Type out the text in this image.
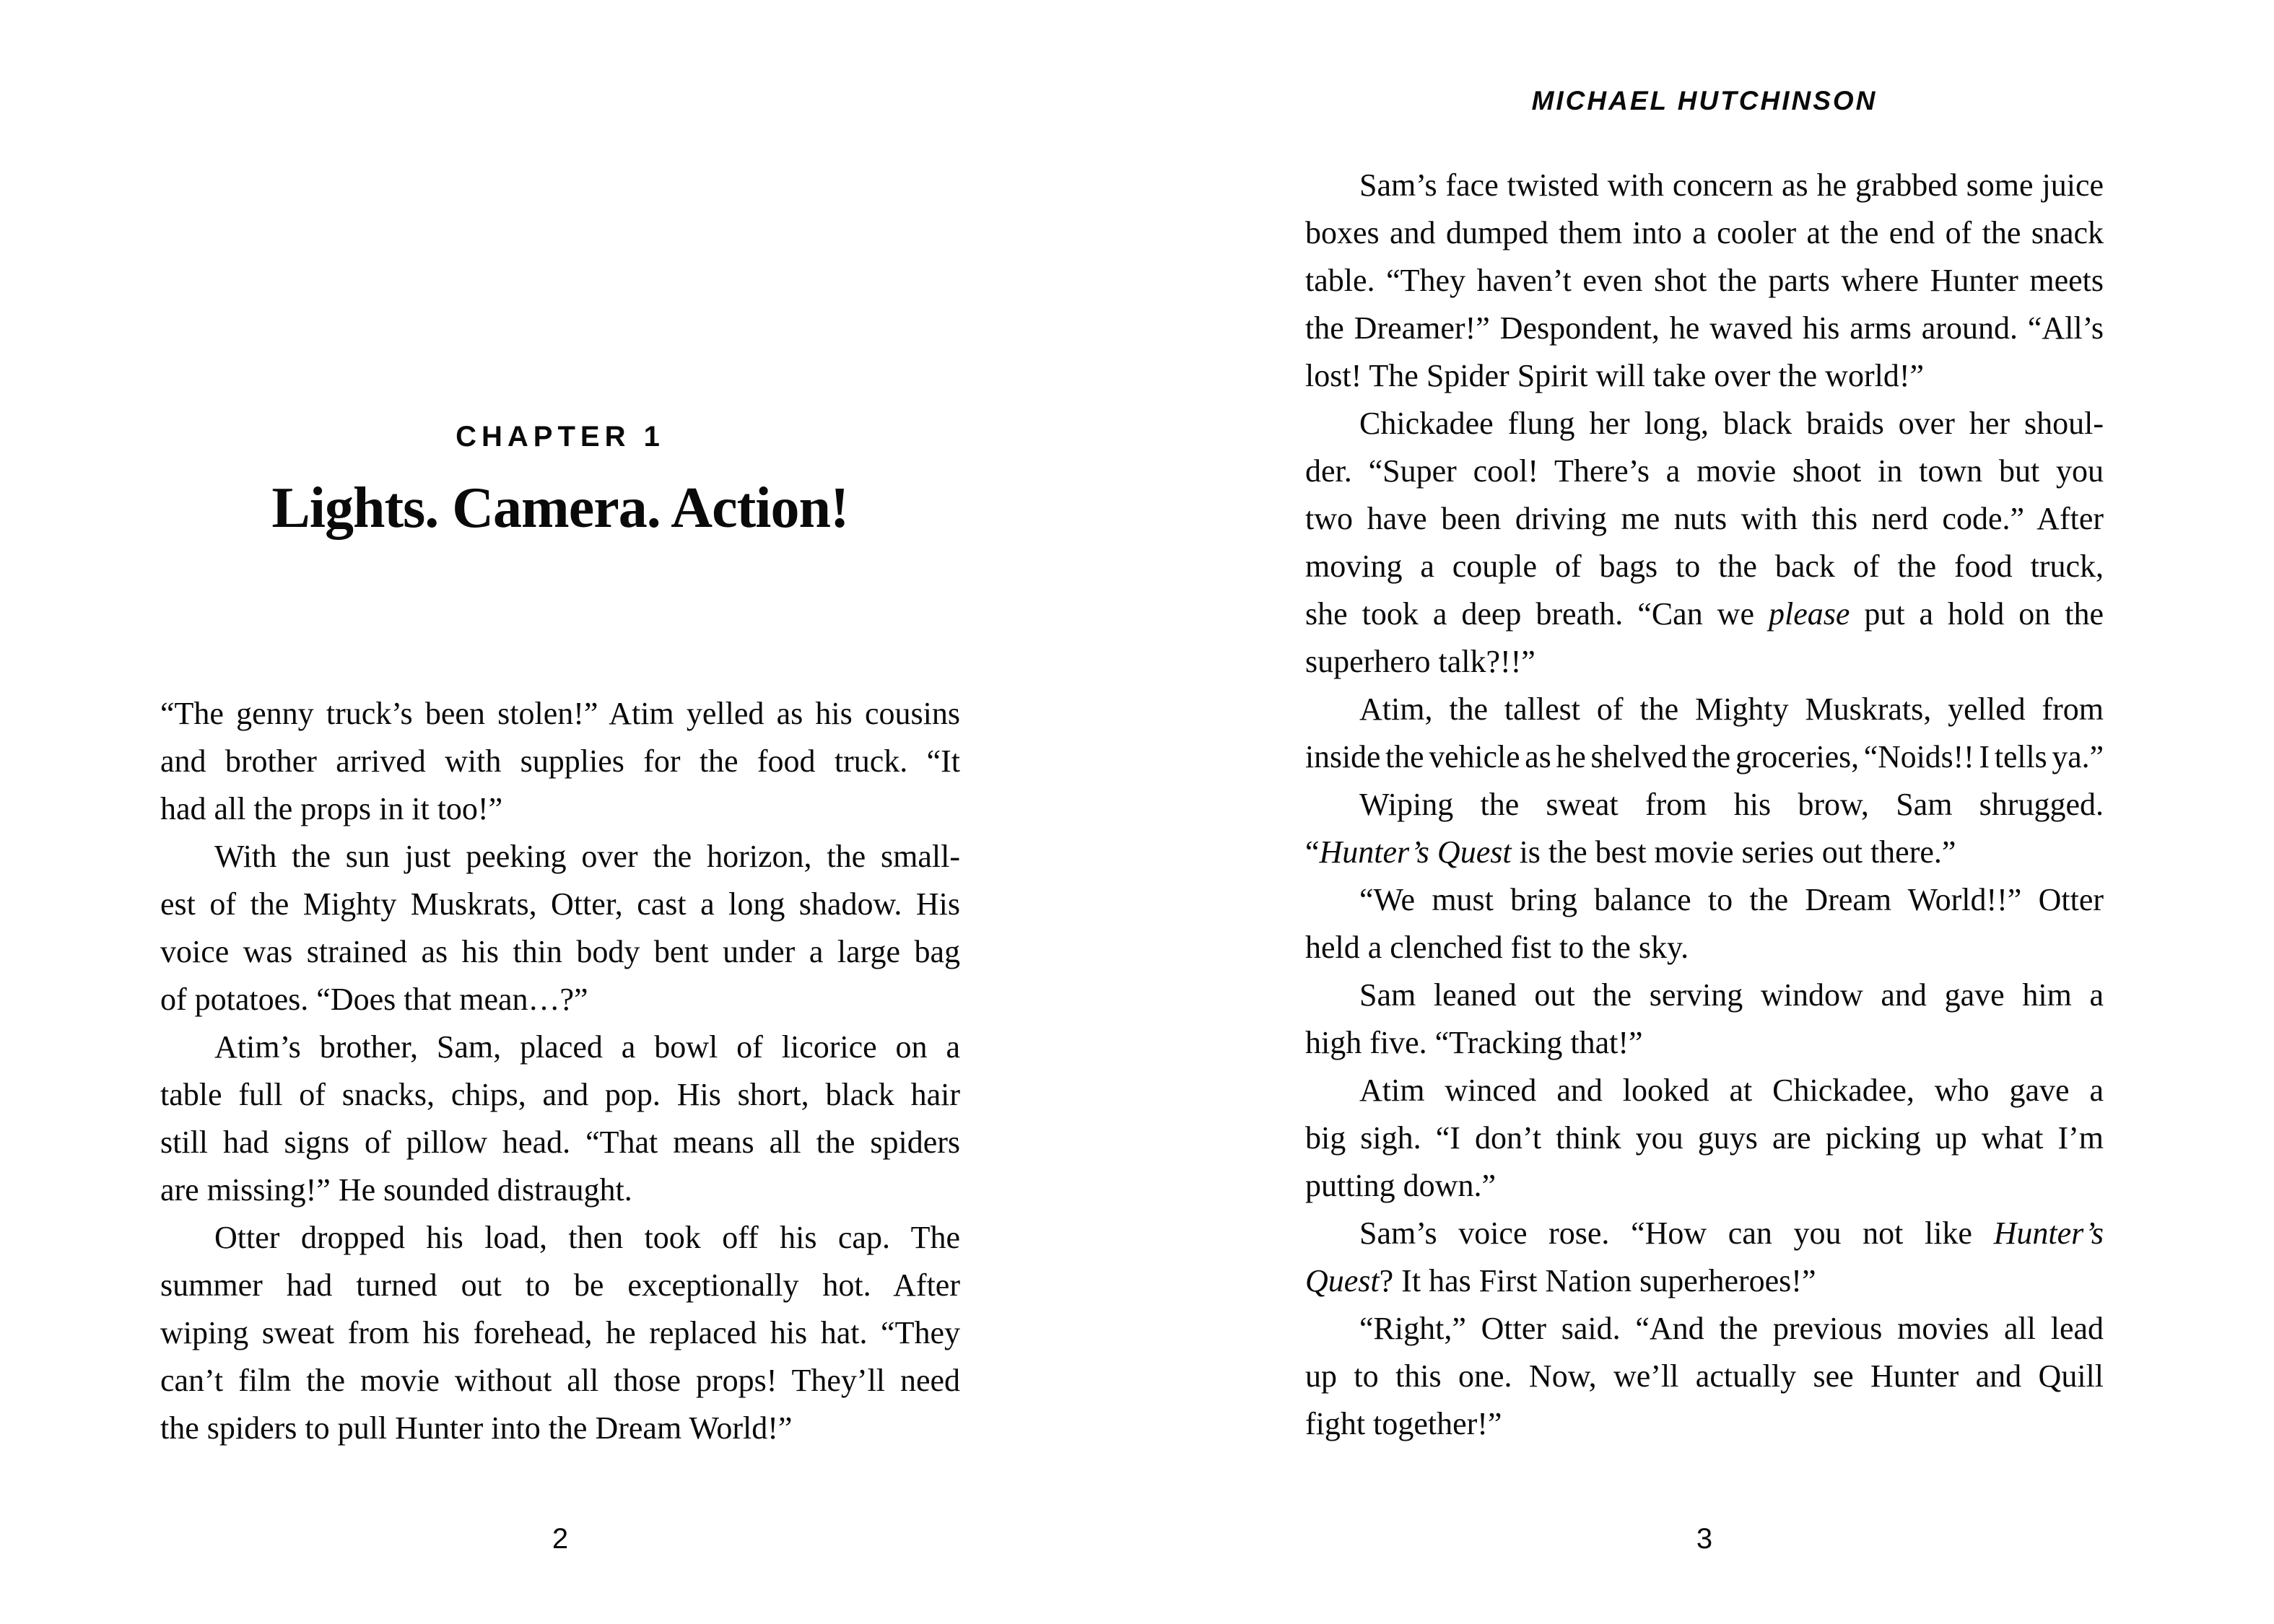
CHAPTER 1
Lights. Camera. Action!
“The genny truck’s been stolen!” Atim yelled as his cousins
and brother arrived with supplies for the food truck. “It
had all the props in it too!”
With the sun just peeking over the horizon, the small-
est of the Mighty Muskrats, Otter, cast a long shadow. His
voice was strained as his thin body bent under a large bag
of potatoes. “Does that mean…?”
Atim’s brother, Sam, placed a bowl of licorice on a
table full of snacks, chips, and pop. His short, black hair
still had signs of pillow head. “That means all the spiders
are missing!” He sounded distraught.
Otter dropped his load, then took off his cap. The
summer had turned out to be exceptionally hot. After
wiping sweat from his forehead, he replaced his hat. “They
can’t film the movie without all those props! They’ll need
the spiders to pull Hunter into the Dream World!”
2
MICHAEL HUTCHINSON
Sam’s face twisted with concern as he grabbed some juice
boxes and dumped them into a cooler at the end of the snack
table. “They haven’t even shot the parts where Hunter meets
the Dreamer!” Despondent, he waved his arms around. “All’s
lost! The Spider Spirit will take over the world!”
Chickadee flung her long, black braids over her shoul-
der. “Super cool! There’s a movie shoot in town but you
two have been driving me nuts with this nerd code.” After
moving a couple of bags to the back of the food truck,
she took a deep breath. “Can we please put a hold on the
superhero talk?!!”
Atim, the tallest of the Mighty Muskrats, yelled from
inside the vehicle as he shelved the groceries, “Noids!! I tells ya.”
Wiping the sweat from his brow, Sam shrugged.
“Hunter’s Quest is the best movie series out there.”
“We must bring balance to the Dream World!!” Otter
held a clenched fist to the sky.
Sam leaned out the serving window and gave him a
high five. “Tracking that!”
Atim winced and looked at Chickadee, who gave a
big sigh. “I don’t think you guys are picking up what I’m
putting down.”
Sam’s voice rose. “How can you not like Hunter’s
Quest? It has First Nation superheroes!”
“Right,” Otter said. “And the previous movies all lead
up to this one. Now, we’ll actually see Hunter and Quill
fight together!”
3
